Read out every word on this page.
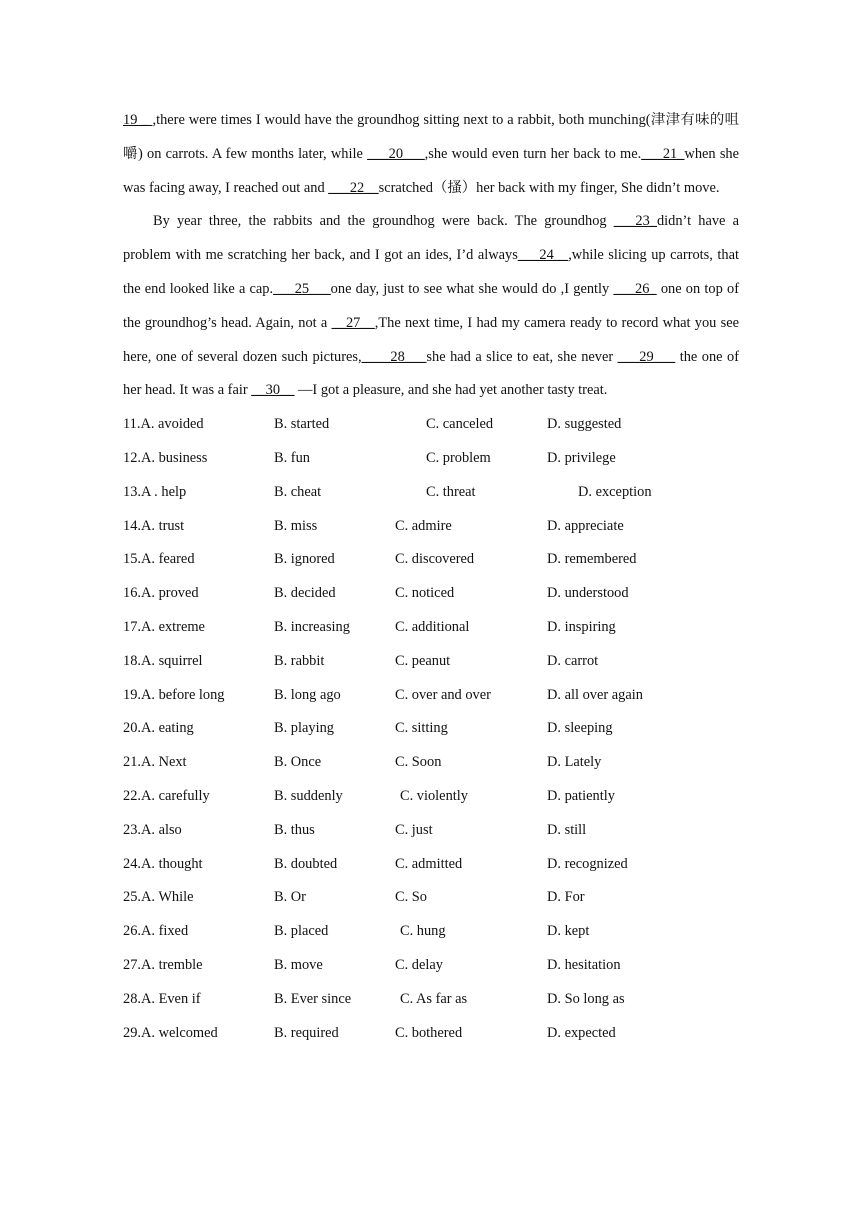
19 _ ,there were times I would have the groundhog sitting next to a rabbit, both munching(津津有味的咀嚼) on carrots. A few months later, while ___20___,she would even turn her back to me.___21_when she was facing away, I reached out and ___22__scratched（搔）her back with my finger, She didn’t move.

By year three, the rabbits and the groundhog were back. The groundhog ___23_didn’t have a problem with me scratching her back, and I got an ides, I’d always___24__,while slicing up carrots, that the end looked like a cap.___25___one day, just to see what she would do ,I gently ___26_ one on top of the groundhog’s head. Again, not a __27__,The next time, I had my camera ready to record what you see here, one of several dozen such pictures,____28___she had a slice to eat, she never ___29___ the one of her head. It was a fair __30__ —I got a pleasure, and she had yet another tasty treat.

11.A. avoided	B. started	C. canceled	D. suggested
12.A. business	B. fun	C. problem	D. privilege
13.A . help	B. cheat	C. threat	D. exception
14.A. trust	B. miss	C. admire	D. appreciate
15.A. feared	B. ignored	C. discovered	D. remembered
16.A. proved	B. decided	C. noticed	D. understood
17.A. extreme	B. increasing	C. additional	D. inspiring
18.A. squirrel	B. rabbit	C. peanut	D. carrot
19.A. before long	B. long ago	C. over and over	D. all over again
20.A. eating	B. playing	C. sitting	D. sleeping
21.A. Next	B. Once	C. Soon	D. Lately
22.A. carefully	B. suddenly	C. violently	D. patiently
23.A. also	B. thus	C. just	D. still
24.A. thought	B. doubted	C. admitted	D. recognized
25.A. While	B. Or	C. So	D. For
26.A. fixed	B. placed	C. hung	D. kept
27.A. tremble	B. move	C. delay	D. hesitation
28.A. Even if	B. Ever since	C. As far as	D. So long as
29.A. welcomed	B. required	C. bothered	D. expected
